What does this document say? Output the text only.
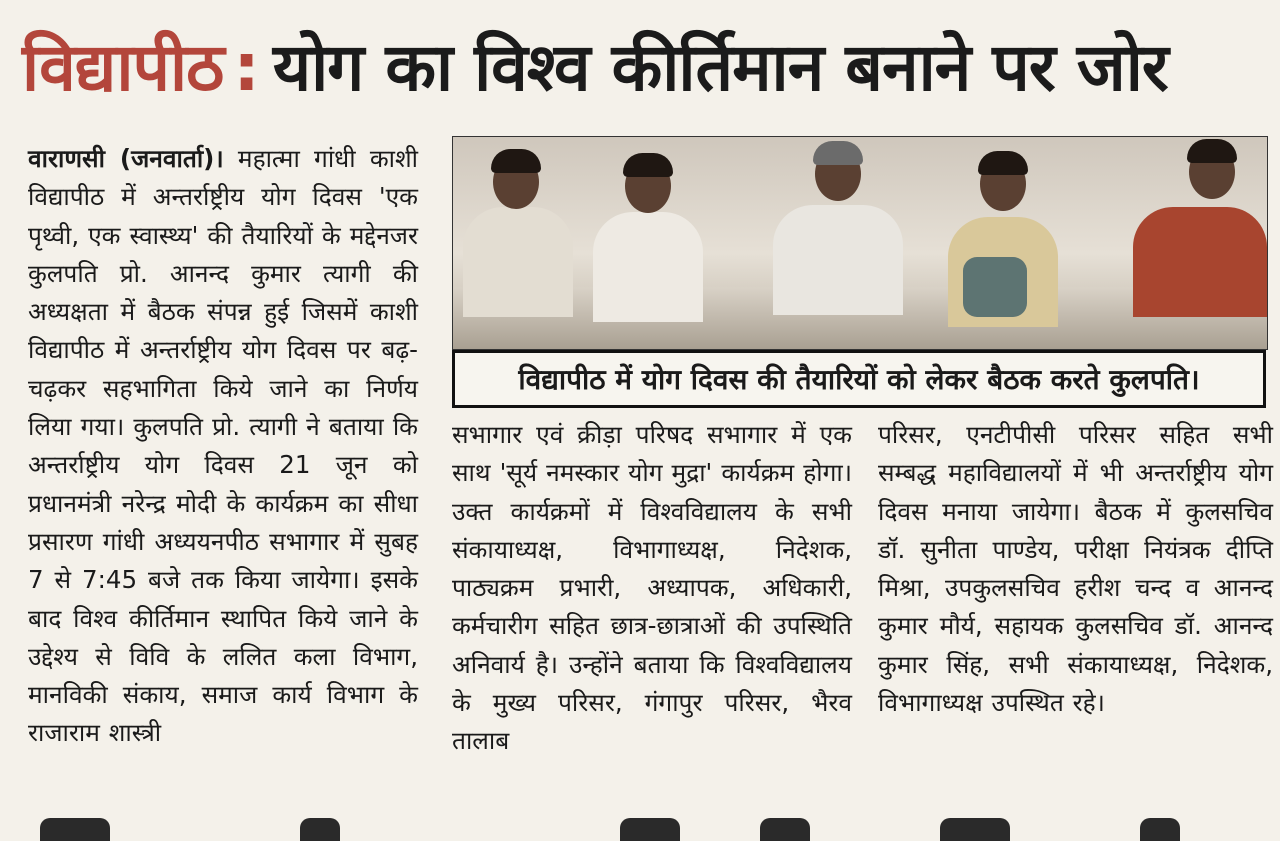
विद्यापीठ : योग का विश्व कीर्तिमान बनाने पर जोर

वाराणसी (जनवार्ता)। महात्मा गांधी काशी विद्यापीठ में अन्तर्राष्ट्रीय योग दिवस 'एक पृथ्वी, एक स्वास्थ्य' की तैयारियों के मद्देनजर कुलपति प्रो. आनन्द कुमार त्यागी की अध्यक्षता में बैठक संपन्न हुई जिसमें काशी विद्यापीठ में अन्तर्राष्ट्रीय योग दिवस पर बढ़-चढ़कर सहभागिता किये जाने का निर्णय लिया गया। कुलपति प्रो. त्यागी ने बताया कि अन्तर्राष्ट्रीय योग दिवस 21 जून को प्रधानमंत्री नरेन्द्र मोदी के कार्यक्रम का सीधा प्रसारण गांधी अध्ययनपीठ सभागार में सुबह 7 से 7:45 बजे तक किया जायेगा। इसके बाद विश्व कीर्तिमान स्थापित किये जाने के उद्देश्य से विवि के ललित कला विभाग, मानविकी संकाय, समाज कार्य विभाग के राजाराम शास्त्री

विद्यापीठ में योग दिवस की तैयारियों को लेकर बैठक करते कुलपति।

सभागार एवं क्रीड़ा परिषद सभागार में एक साथ 'सूर्य नमस्कार योग मुद्रा' कार्यक्रम होगा। उक्त कार्यक्रमों में विश्वविद्यालय के सभी संकायाध्यक्ष, विभागाध्यक्ष, निदेशक, पाठ्यक्रम प्रभारी, अध्यापक, अधिकारी, कर्मचारीग सहित छात्र-छात्राओं की उपस्थिति अनिवार्य है। उन्होंने बताया कि विश्वविद्यालय के मुख्य परिसर, गंगापुर परिसर, भैरव तालाब

परिसर, एनटीपीसी परिसर सहित सभी सम्बद्ध महाविद्यालयों में भी अन्तर्राष्ट्रीय योग दिवस मनाया जायेगा। बैठक में कुलसचिव डॉ. सुनीता पाण्डेय, परीक्षा नियंत्रक दीप्ति मिश्रा, उपकुलसचिव हरीश चन्द व आनन्द कुमार मौर्य, सहायक कुलसचिव डॉ. आनन्द कुमार सिंह, सभी संकायाध्यक्ष, निदेशक, विभागाध्यक्ष उपस्थित रहे।
